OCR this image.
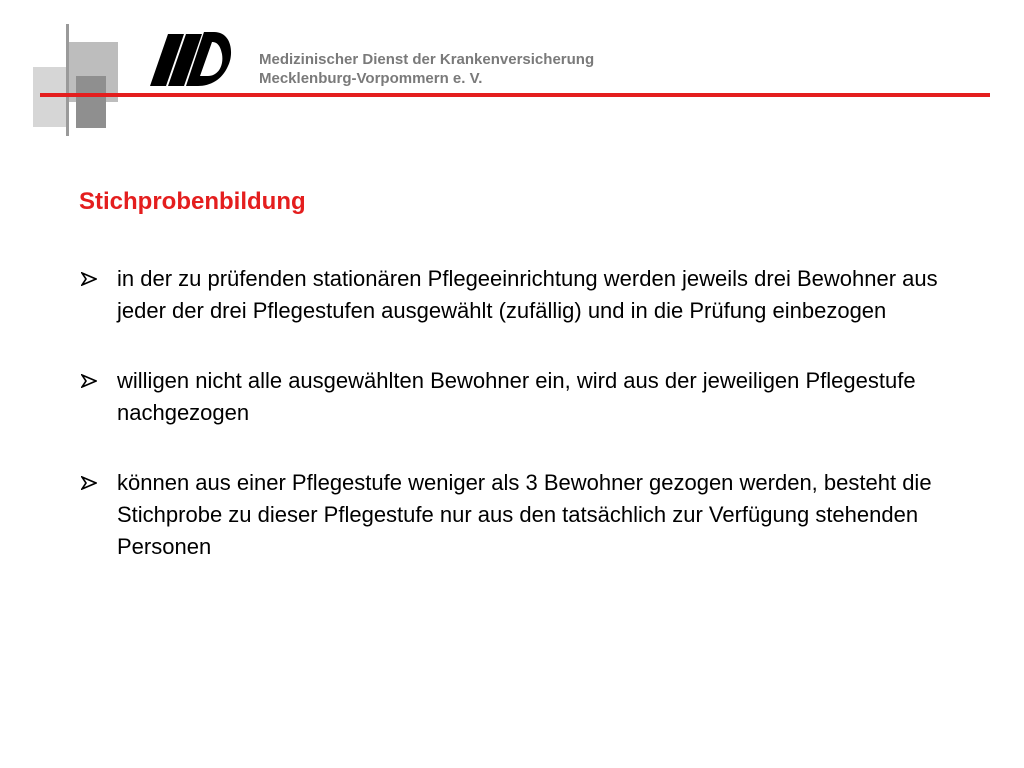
Medizinischer Dienst der Krankenversicherung
Mecklenburg-Vorpommern e. V.
Stichprobenbildung
in der zu prüfenden stationären Pflegeeinrichtung werden jeweils drei Bewohner aus jeder der drei Pflegestufen ausgewählt (zufällig) und in die Prüfung einbezogen
willigen nicht alle ausgewählten Bewohner ein, wird aus der jeweiligen Pflegestufe nachgezogen
können aus einer Pflegestufe weniger als 3 Bewohner gezogen werden, besteht die Stichprobe zu dieser Pflegestufe nur aus den tatsächlich zur Verfügung stehenden Personen
